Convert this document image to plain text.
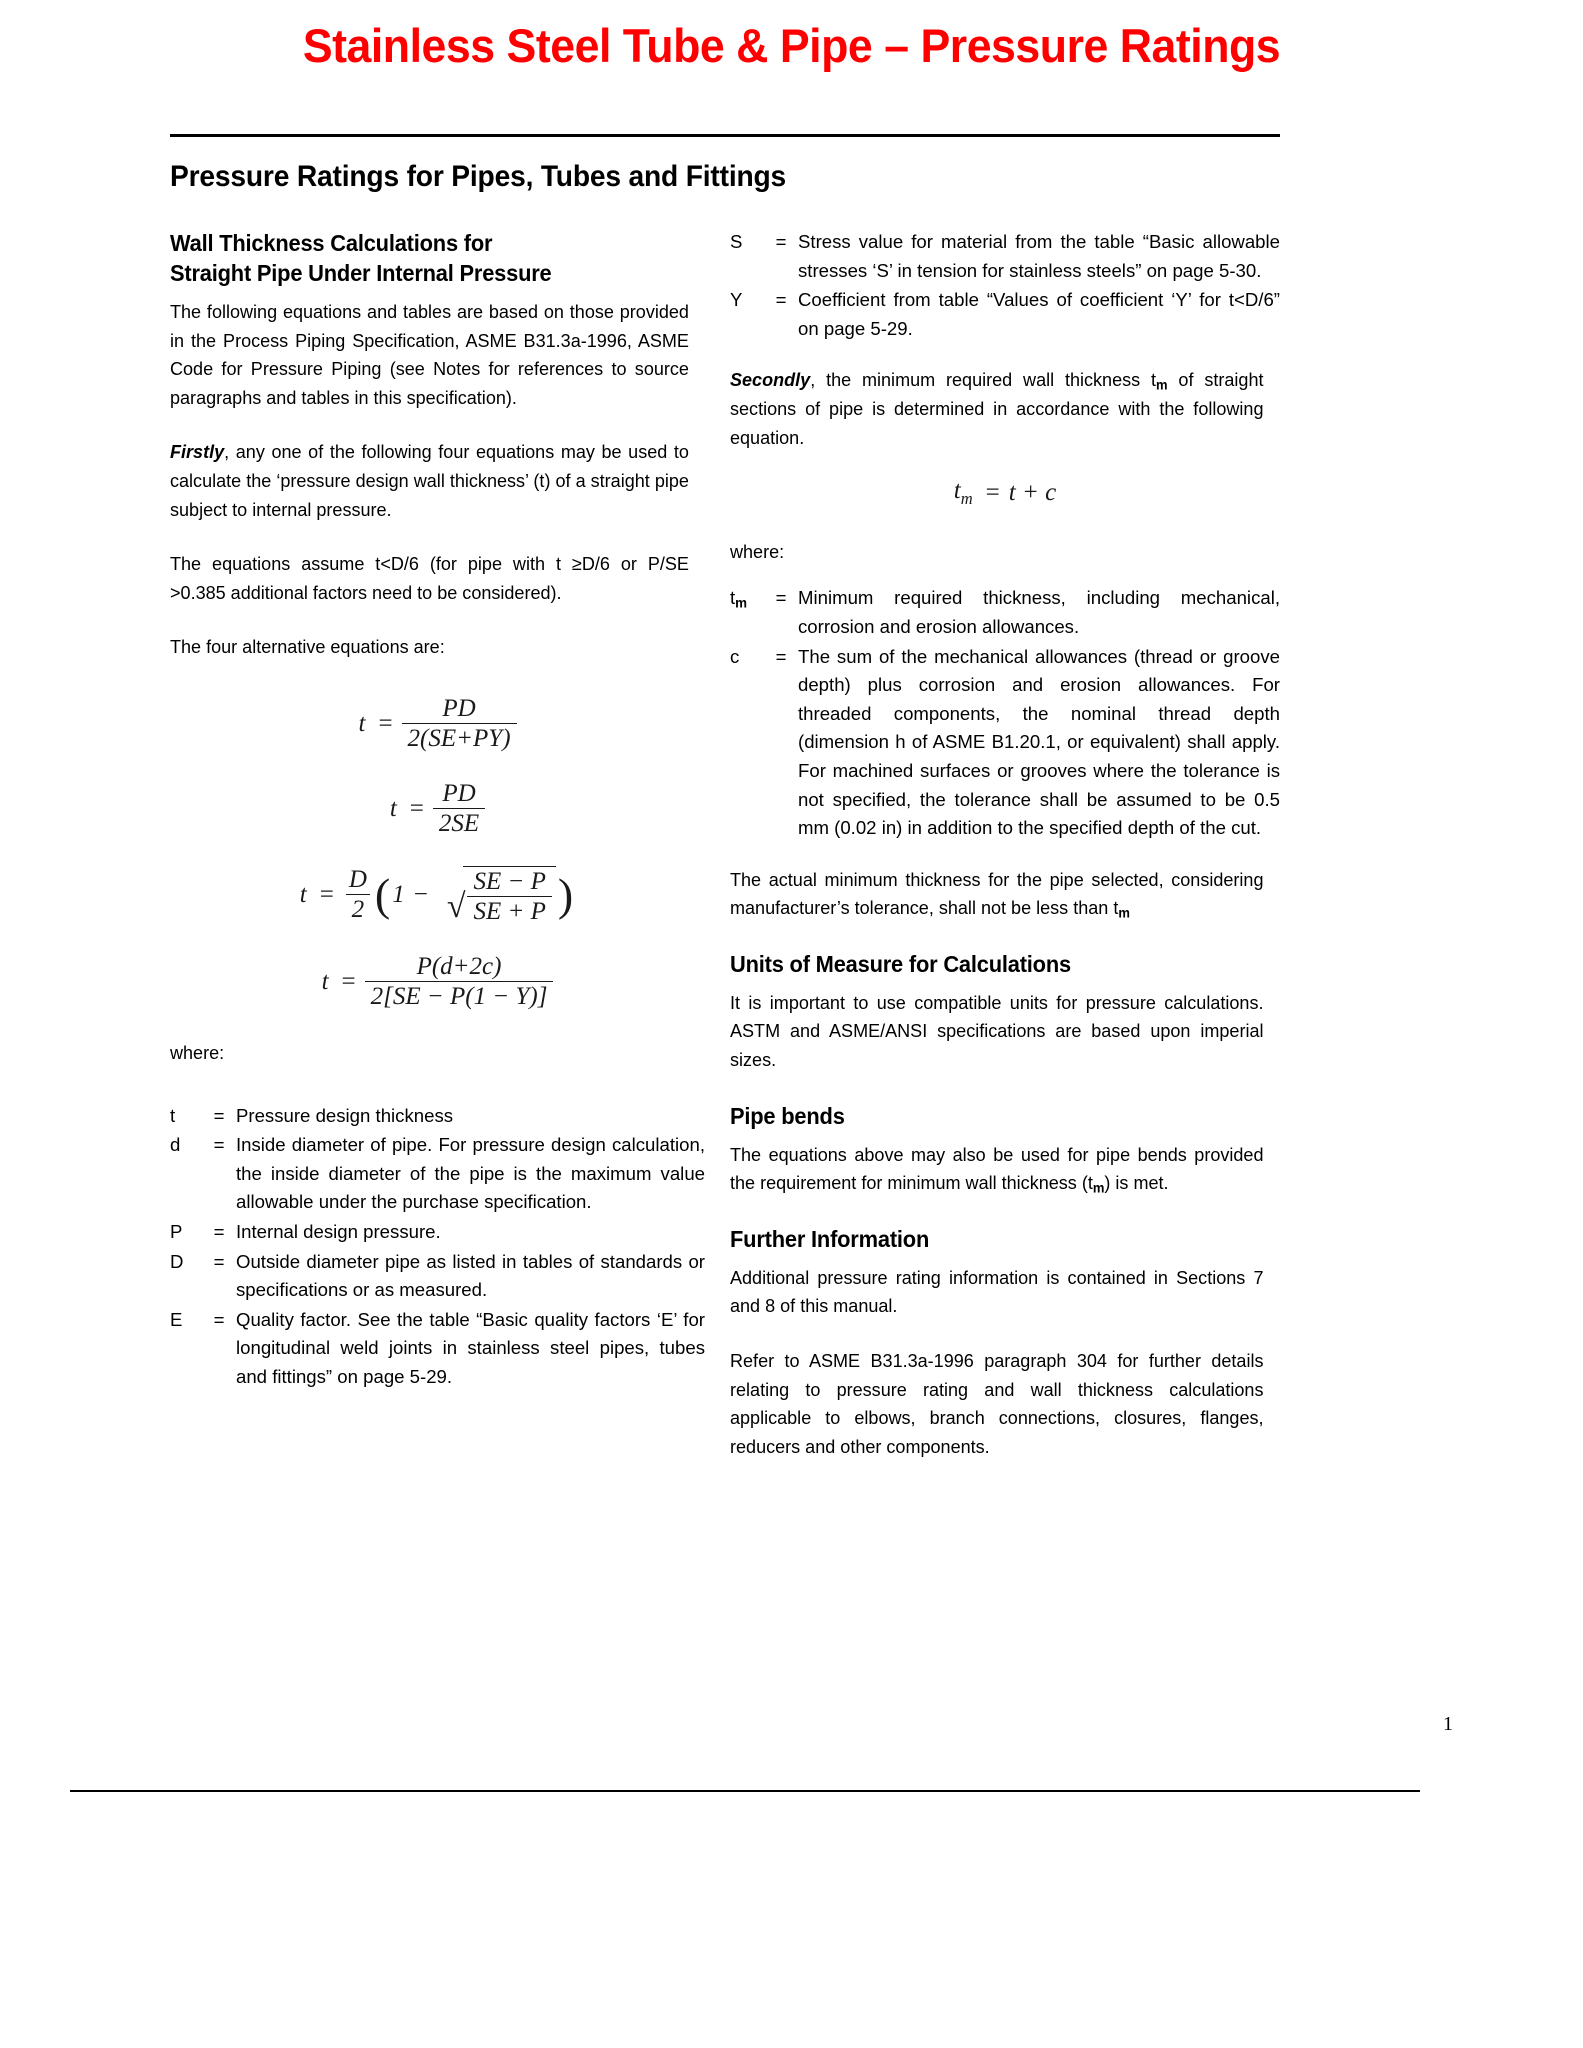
Stainless Steel Tube & Pipe – Pressure Ratings
Pressure Ratings for Pipes, Tubes and Fittings
Wall Thickness Calculations for
Straight Pipe Under Internal Pressure

The following equations and tables are based on those provided in the Process Piping Specification, ASME B31.3a-1996, ASME Code for Pressure Piping (see Notes for references to source paragraphs and tables in this specification).

Firstly, any one of the following four equations may be used to calculate the ‘pressure design wall thickness’ (t) of a straight pipe subject to internal pressure.

The equations assume t<D/6 (for pipe with t ≥D/6 or P/SE >0.385 additional factors need to be considered).

The four alternative equations are:

$t = \frac{PD}{2(SE+PY)}$
$t = \frac{PD}{2SE}$
$t = \frac{D}{2}$ ( 1 − √ $\frac{SE - P}{SE + P}$ )
$t = \frac{P(d+2c)}{2[SE - P(1 - Y)]}$

where:

t	= Pressure design thickness
d	= Inside diameter of pipe. For pressure design calculation, the inside diameter of the pipe is the maximum value allowable under the purchase specification.
P	= Internal design pressure.
D	= Outside diameter pipe as listed in tables of standards or specifications or as measured.
E	= Quality factor. See the table “Basic quality factors ‘E’ for longitudinal weld joints in stainless steel pipes, tubes and fittings” on page 5-29.
S	= Stress value for material from the table “Basic allowable stresses ‘S’ in tension for stainless steels” on page 5-30.
Y	= Coefficient from table “Values of coefficient ‘Y’ for t<D/6” on page 5-29.

Secondly, the minimum required wall thickness $t_m$ of straight sections of pipe is determined in accordance with the following equation.

$t_m = t + c$

where:

$t_m$	= Minimum required thickness, including mechanical, corrosion and erosion allowances.
c	= The sum of the mechanical allowances (thread or groove depth) plus corrosion and erosion allowances. For threaded components, the nominal thread depth (dimension h of ASME B1.20.1, or equivalent) shall apply. For machined surfaces or grooves where the tolerance is not specified, the tolerance shall be assumed to be 0.5 mm (0.02 in) in addition to the specified depth of the cut.

The actual minimum thickness for the pipe selected, considering manufacturer’s tolerance, shall not be less than $t_m$

Units of Measure for Calculations

It is important to use compatible units for pressure calculations. ASTM and ASME/ANSI specifications are based upon imperial sizes.

Pipe bends

The equations above may also be used for pipe bends provided the requirement for minimum wall thickness $(t_m)$ is met.

Further Information

Additional pressure rating information is contained in Sections 7 and 8 of this manual.

Refer to ASME B31.3a-1996 paragraph 304 for further details relating to pressure rating and wall thickness calculations applicable to elbows, branch connections, closures, flanges, reducers and other components.

1
